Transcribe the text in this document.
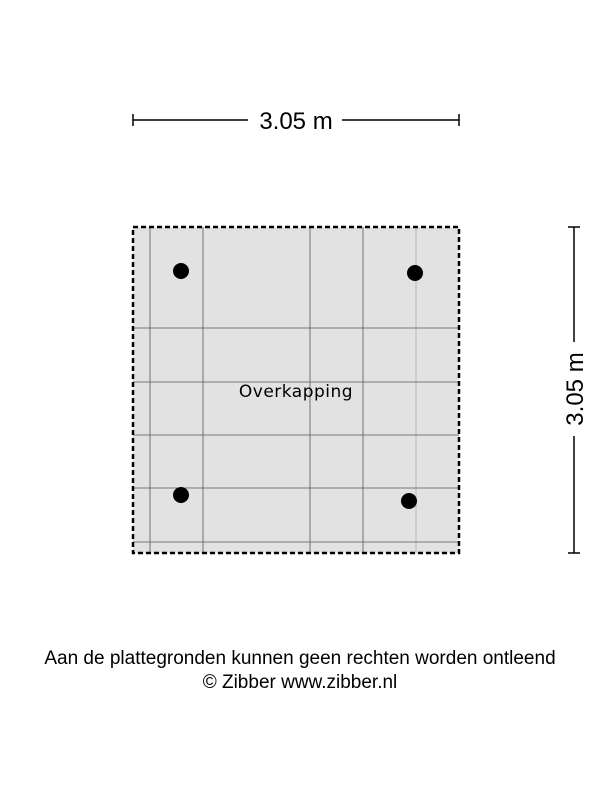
3.05 m
3.05 m
Overkapping
Aan de plattegronden kunnen geen rechten worden ontleend
© Zibber www.zibber.nl
